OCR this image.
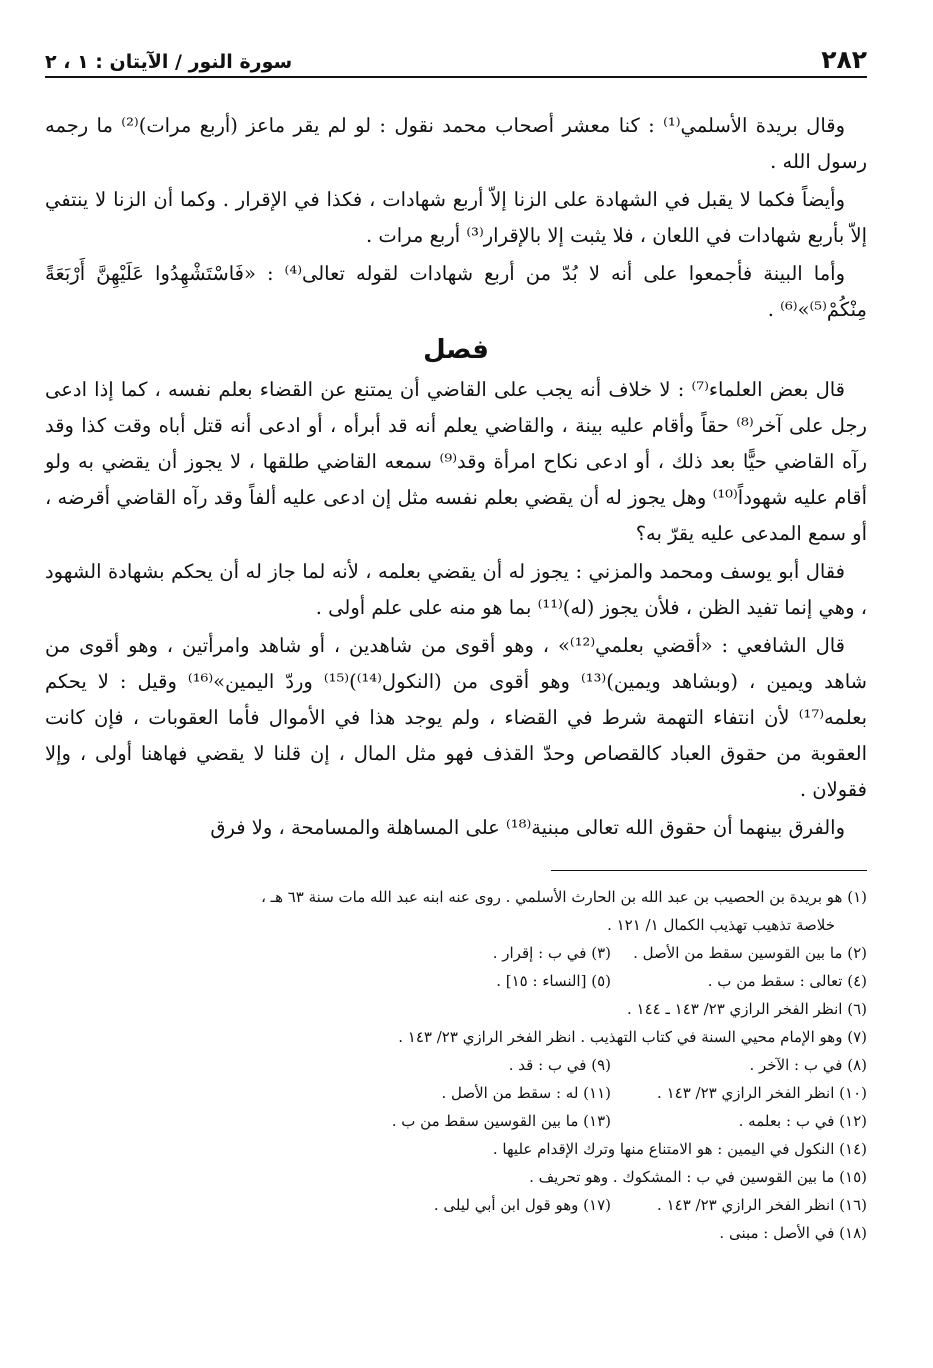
٢٨٢
سورة النور / الآيتان : ١ ، ٢

وقال بريدة الأسلمي⁽¹⁾ : كنا معشر أصحاب محمد نقول : لو لم يقر ماعز (أربع مرات)⁽²⁾ ما رجمه رسول الله .

وأيضاً فكما لا يقبل في الشهادة على الزنا إلاّ أربع شهادات ، فكذا في الإقرار . وكما أن الزنا لا ينتفي إلاّ بأربع شهادات في اللعان ، فلا يثبت إلا بالإقرار⁽³⁾ أربع مرات .

وأما البينة فأجمعوا على أنه لا بُدّ من أربع شهادات لقوله تعالى⁽⁴⁾ : «فَاسْتَشْهِدُوا عَلَيْهِنَّ أَرْبَعَةً مِنْكُمْ⁽⁵⁾»⁽⁶⁾ .

فصل

قال بعض العلماء⁽⁷⁾ : لا خلاف أنه يجب على القاضي أن يمتنع عن القضاء بعلم نفسه ، كما إذا ادعى رجل على آخر⁽⁸⁾ حقاً وأقام عليه بينة ، والقاضي يعلم أنه قد أبرأه ، أو ادعى أنه قتل أباه وقت كذا وقد رآه القاضي حيًّا بعد ذلك ، أو ادعى نكاح امرأة وقد⁽⁹⁾ سمعه القاضي طلقها ، لا يجوز أن يقضي به ولو أقام عليه شهوداً⁽¹⁰⁾ وهل يجوز له أن يقضي بعلم نفسه مثل إن ادعى عليه ألفاً وقد رآه القاضي أقرضه ، أو سمع المدعى عليه يقرّ به؟

فقال أبو يوسف ومحمد والمزني : يجوز له أن يقضي بعلمه ، لأنه لما جاز له أن يحكم بشهادة الشهود ، وهي إنما تفيد الظن ، فلأن يجوز (له)⁽¹¹⁾ بما هو منه على علم أولى .

قال الشافعي : «أقضي بعلمي⁽¹²⁾» ، وهو أقوى من شاهدين ، أو شاهد وامرأتين ، وهو أقوى من شاهد ويمين ، (وبشاهد ويمين)⁽¹³⁾ وهو أقوى من (النكول⁽¹⁴⁾)⁽¹⁵⁾ وردّ اليمين»⁽¹⁶⁾ وقيل : لا يحكم بعلمه⁽¹⁷⁾ لأن انتفاء التهمة شرط في القضاء ، ولم يوجد هذا في الأموال فأما العقوبات ، فإن كانت العقوبة من حقوق العباد كالقصاص وحدّ القذف فهو مثل المال ، إن قلنا لا يقضي فهاهنا أولى ، وإلا فقولان .

والفرق بينهما أن حقوق الله تعالى مبنية⁽¹⁸⁾ على المساهلة والمسامحة ، ولا فرق

(١) هو بريدة بن الحصيب بن عبد الله بن الحارث الأسلمي . روى عنه ابنه عبد الله مات سنة ٦٣ هـ ،
خلاصة تذهيب تهذيب الكمال ١/ ١٢١ .
(٢) ما بين القوسين سقط من الأصل .
(٣) في ب : إقرار .
(٤) تعالى : سقط من ب .
(٥) [النساء : ١٥] .
(٦) انظر الفخر الرازي ٢٣/ ١٤٣ ـ ١٤٤ .
(٧) وهو الإمام محيي السنة في كتاب التهذيب . انظر الفخر الرازي ٢٣/ ١٤٣ .
(٨) في ب : الآخر .
(٩) في ب : قد .
(١٠) انظر الفخر الرازي ٢٣/ ١٤٣ .
(١١) له : سقط من الأصل .
(١٢) في ب : بعلمه .
(١٣) ما بين القوسين سقط من ب .
(١٤) النكول في اليمين : هو الامتناع منها وترك الإقدام عليها .
(١٥) ما بين القوسين في ب : المشكوك . وهو تحريف .
(١٦) انظر الفخر الرازي ٢٣/ ١٤٣ .
(١٧) وهو قول ابن أبي ليلى .
(١٨) في الأصل : مبنى .
